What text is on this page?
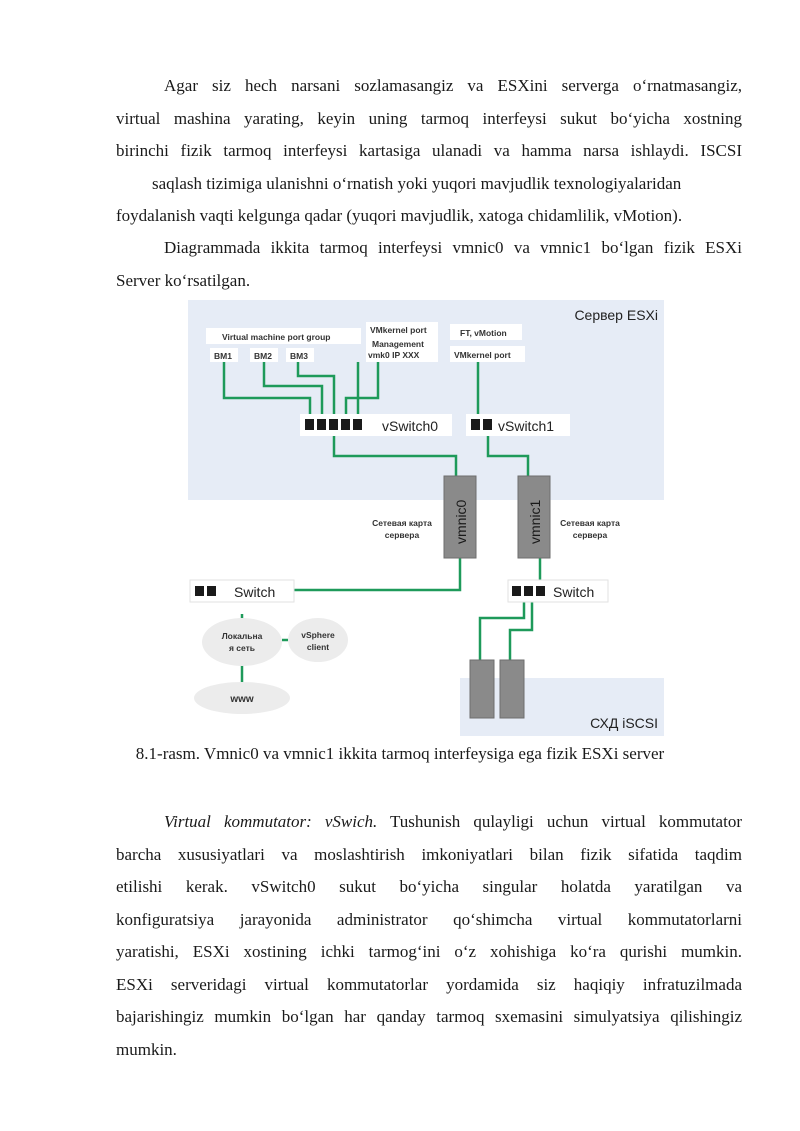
Agar siz hech narsani sozlamasangiz va ESXini serverga oʻrnatmasangiz,
virtual mashina yarating, keyin uning tarmoq interfeysi sukut boʻyicha xostning
birinchi fizik tarmoq interfeysi kartasiga ulanadi va hamma narsa ishlaydi. ISCSI
saqlash tizimiga ulanishni oʻrnatish yoki yuqori mavjudlik texnologiyalaridan
foydalanish vaqti kelgunga qadar (yuqori mavjudlik, xatoga chidamlilik, vMotion).
Diagrammada ikkita tarmoq interfeysi vmnic0 va vmnic1 boʻlgan fizik ESXi
Server koʻrsatilgan.
Сервер ESXi
Virtual machine port group
ВМ1	ВМ2 ВМ3
VMkernel port
Management
vmk0 IP XXX
FT, vMotion
VMkernel port
vSwitch0	vSwitch1
vmnic0	vmnic1
Сетевая карта
сервера
Сетевая карта
сервера
Switch	Switch
Локальна
я сеть
vSphere
client
www
СХД iSCSI
8.1-rasm. Vmnic0 va vmnic1 ikkita tarmoq interfeysiga ega fizik ESXi server
Virtual kommutator: vSwich. Tushunish qulayligi uchun virtual kommutator
barcha xususiyatlari va moslashtirish imkoniyatlari bilan fizik sifatida taqdim
etilishi kerak. vSwitch0 sukut boʻyicha singular holatda yaratilgan va
konfiguratsiya jarayonida administrator qoʻshimcha virtual kommutatorlarni
yaratishi, ESXi xostining ichki tarmogʻini oʻz xohishiga koʻra qurishi mumkin.
ESXi serveridagi virtual kommutatorlar yordamida siz haqiqiy infratuzilmada
bajarishingiz mumkin boʻlgan har qanday tarmoq sxemasini simulyatsiya qilishingiz
mumkin.
